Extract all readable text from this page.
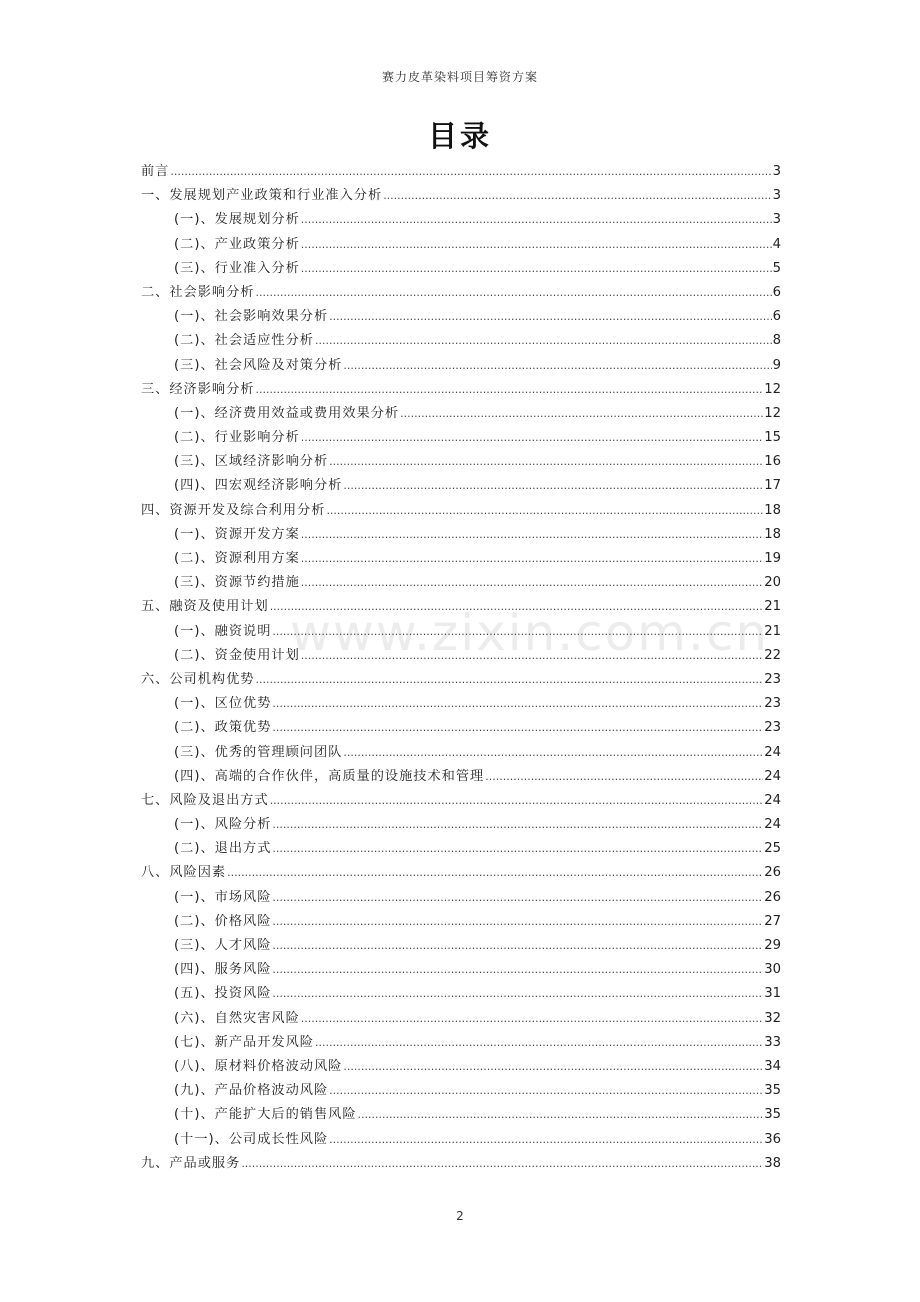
赛力皮革染料项目筹资方案
目录
www.zixin.com.cn
前言 .....	3
一、发展规划产业政策和行业准入分析 .....	3
(一)、发展规划分析 .....	3
(二)、产业政策分析 .....	4
(三)、行业准入分析 .....	5
二、社会影响分析 .....	6
(一)、社会影响效果分析 .....	6
(二)、社会适应性分析 .....	8
(三)、社会风险及对策分析 .....	9
三、经济影响分析 .....	12
(一)、经济费用效益或费用效果分析 .....	12
(二)、行业影响分析 .....	15
(三)、区域经济影响分析 .....	16
(四)、四宏观经济影响分析 .....	17
四、资源开发及综合利用分析 .....	18
(一)、资源开发方案 .....	18
(二)、资源利用方案 .....	19
(三)、资源节约措施 .....	20
五、融资及使用计划 .....	21
(一)、融资说明 .....	21
(二)、资金使用计划 .....	22
六、公司机构优势 .....	23
(一)、区位优势 .....	23
(二)、政策优势 .....	23
(三)、优秀的管理顾问团队 .....	24
(四)、高端的合作伙伴，高质量的设施技术和管理 .....	24
七、风险及退出方式 .....	24
(一)、风险分析 .....	24
(二)、退出方式 .....	25
八、风险因素 .....	26
(一)、市场风险 .....	26
(二)、价格风险 .....	27
(三)、人才风险 .....	29
(四)、服务风险 .....	30
(五)、投资风险 .....	31
(六)、自然灾害风险 .....	32
(七)、新产品开发风险 .....	33
(八)、原材料价格波动风险 .....	34
(九)、产品价格波动风险 .....	35
(十)、产能扩大后的销售风险 .....	35
(十一)、公司成长性风险 .....	36
九、产品或服务 .....	38
2
